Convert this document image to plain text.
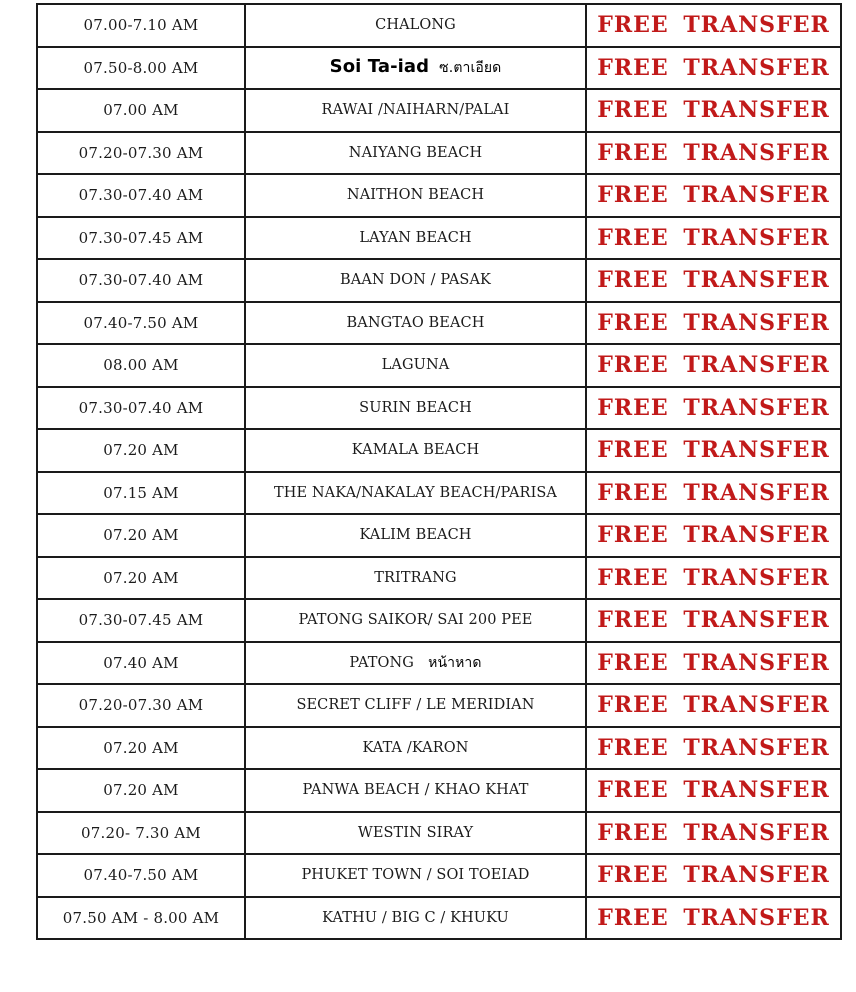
07.00-7.10 AM	CHALONG	FREE TRANSFER
07.50-8.00 AM	Soi Ta-iad ซ.ตาเอียด	FREE TRANSFER
07.00 AM	RAWAI /NAIHARN/PALAI	FREE TRANSFER
07.20-07.30 AM	NAIYANG BEACH	FREE TRANSFER
07.30-07.40 AM	NAITHON BEACH	FREE TRANSFER
07.30-07.45 AM	LAYAN BEACH	FREE TRANSFER
07.30-07.40 AM	BAAN DON / PASAK	FREE TRANSFER
07.40-7.50 AM	BANGTAO BEACH	FREE TRANSFER
08.00 AM	LAGUNA	FREE TRANSFER
07.30-07.40 AM	SURIN BEACH	FREE TRANSFER
07.20 AM	KAMALA BEACH	FREE TRANSFER
07.15 AM	THE NAKA/NAKALAY BEACH/PARISA	FREE TRANSFER
07.20 AM	KALIM BEACH	FREE TRANSFER
07.20 AM	TRITRANG	FREE TRANSFER
07.30-07.45 AM	PATONG SAIKOR/ SAI 200 PEE	FREE TRANSFER
07.40 AM	PATONG หน้าหาด	FREE TRANSFER
07.20-07.30 AM	SECRET CLIFF / LE MERIDIAN	FREE TRANSFER
07.20 AM	KATA /KARON	FREE TRANSFER
07.20 AM	PANWA BEACH / KHAO KHAT	FREE TRANSFER
07.20- 7.30 AM	WESTIN SIRAY	FREE TRANSFER
07.40-7.50 AM	PHUKET TOWN / SOI TOEIAD	FREE TRANSFER
07.50 AM - 8.00 AM	KATHU / BIG C / KHUKU	FREE TRANSFER
